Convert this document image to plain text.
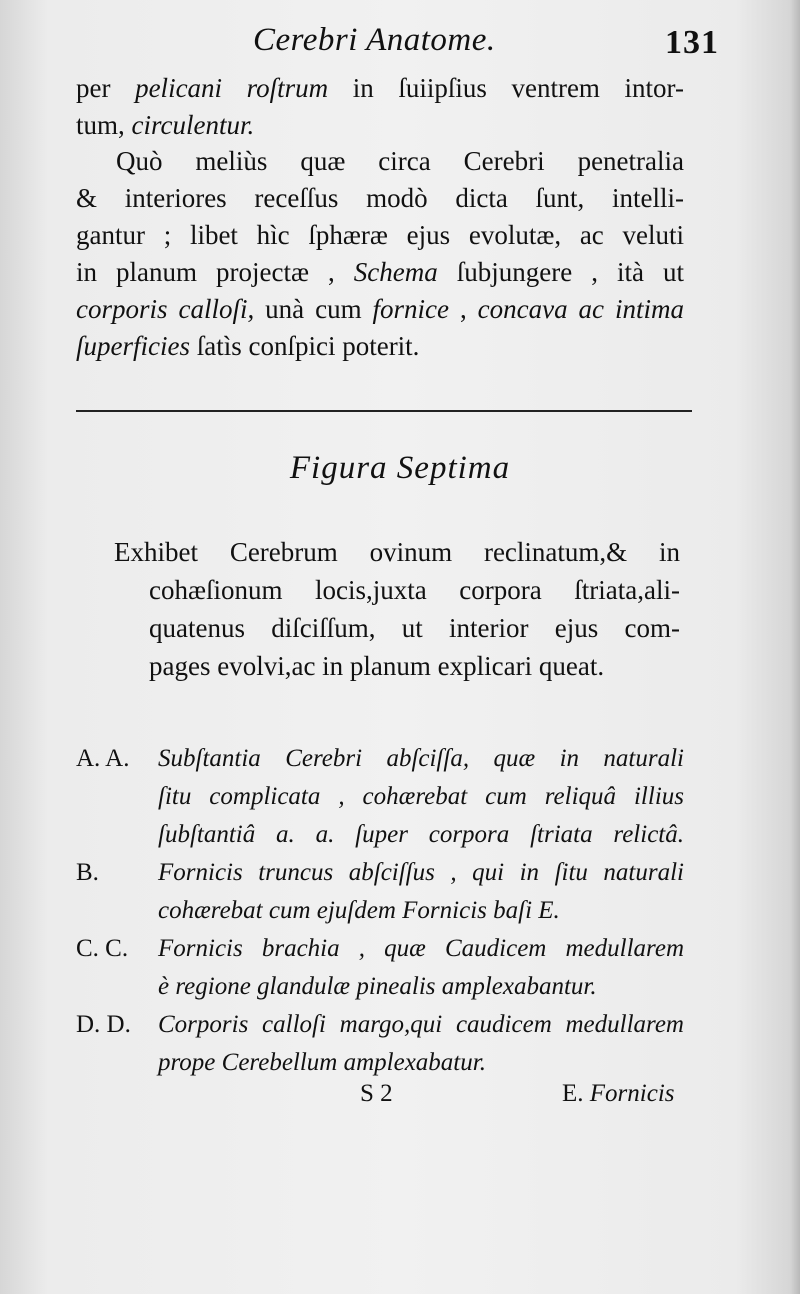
Cerebri Anatome.	131
per pelicani roſtrum in ſuiipſius ventrem intor-
tum, circulentur.
Quò meliùs quæ circa Cerebri penetralia
& interiores receſſus modò dicta ſunt, intelli-
gantur ; libet hìc ſphæræ ejus evolutæ, ac veluti
in planum projectæ , Schema ſubjungere , ità ut
corporis calloſi, unà cum fornice , concava ac intima
ſuperficies ſatìs conſpici poterit.
Figura Septima
Exhibet Cerebrum ovinum reclinatum,& in
cohæſionum locis,juxta corpora ſtriata,ali-
quatenus diſciſſum, ut interior ejus com-
pages evolvi,ac in planum explicari queat.
A. A. Subſtantia Cerebri abſciſſa, quæ in naturali
ſitu complicata , cohærebat cum reliquâ illius
ſubſtantiâ a. a. ſuper corpora ſtriata relictâ.
B. Fornicis truncus abſciſſus , qui in ſitu naturali
cohærebat cum ejuſdem Fornicis baſi E.
C. C. Fornicis brachia , quæ Caudicem medullarem
è regione glandulæ pinealis amplexabantur.
D. D. Corporis calloſi margo,qui caudicem medullarem
prope Cerebellum amplexabatur.
S 2	E. Fornicis
